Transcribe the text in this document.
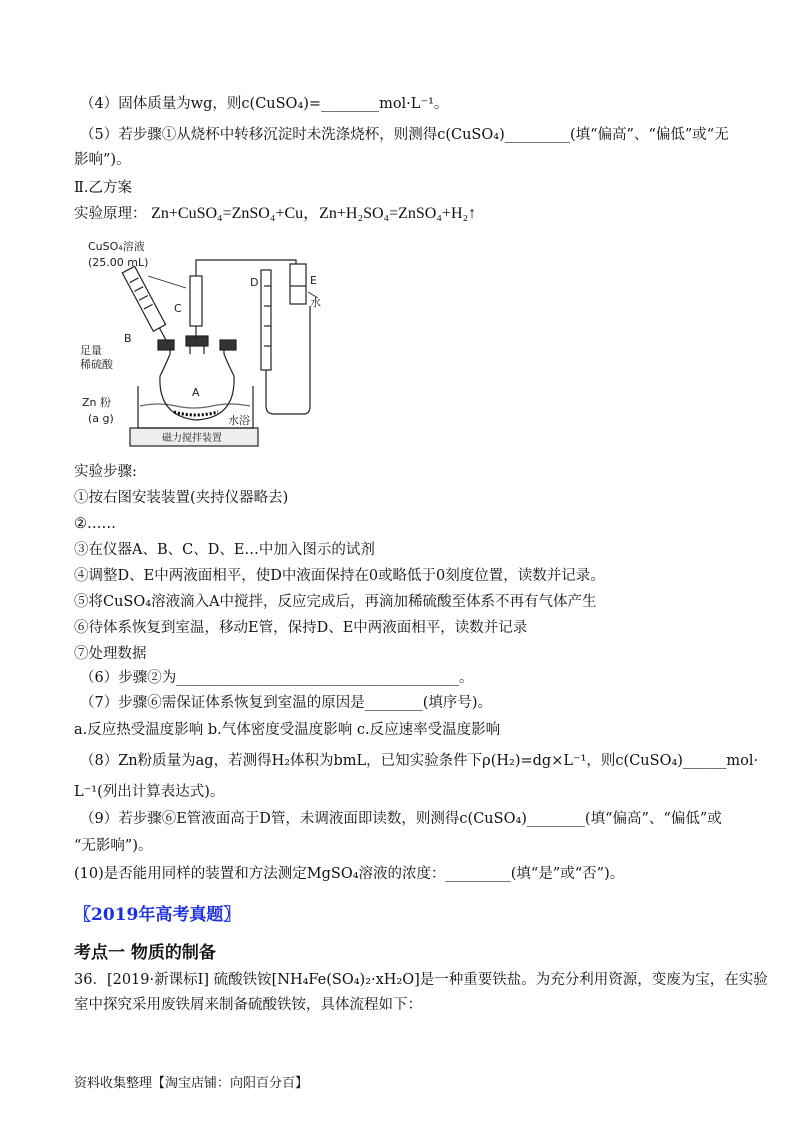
（4）固体质量为wg，则c(CuSO₄)=________mol·L⁻¹。
（5）若步骤①从烧杯中转移沉淀时未洗涤烧杯，则测得c(CuSO₄)_________(填“偏高”、“偏低”或“无
影响”)。
Ⅱ.乙方案
实验原理： Zn+CuSO₄=ZnSO₄+Cu，Zn+H₂SO₄=ZnSO₄+H₂↑
CuSO₄溶液
(25.00 mL)
C
B
A
D	E
水
足量
稀硫酸
Zn 粉
(a g)	水浴
磁力搅拌装置
实验步骤:
①按右图安装装置(夹持仪器略去)
②……
③在仪器A、B、C、D、E…中加入图示的试剂
④调整D、E中两液面相平，使D中液面保持在0或略低于0刻度位置，读数并记录。
⑤将CuSO₄溶液滴入A中搅拌，反应完成后，再滴加稀硫酸至体系不再有气体产生
⑥待体系恢复到室温，移动E管，保持D、E中两液面相平，读数并记录
⑦处理数据
（6）步骤②为_______________________________________。
（7）步骤⑥需保证体系恢复到室温的原因是________(填序号)。
a.反应热受温度影响 b.气体密度受温度影响 c.反应速率受温度影响
（8）Zn粉质量为ag，若测得H₂体积为bmL，已知实验条件下ρ(H₂)=dg×L⁻¹，则c(CuSO₄)______mol·
L⁻¹(列出计算表达式)。
（9）若步骤⑥E管液面高于D管，未调液面即读数，则测得c(CuSO₄)________(填“偏高”、“偏低”或
“无影响”)。
(10)是否能用同样的装置和方法测定MgSO₄溶液的浓度：_________(填“是”或“否”)。
〖2019年高考真题〗
考点一 物质的制备
36．[2019·新课标Ⅰ] 硫酸铁铵[NH₄Fe(SO₄)₂·xH₂O]是一种重要铁盐。为充分利用资源，变废为宝，在实验
室中探究采用废铁屑来制备硫酸铁铵，具体流程如下：
资料收集整理【淘宝店铺：向阳百分百】
